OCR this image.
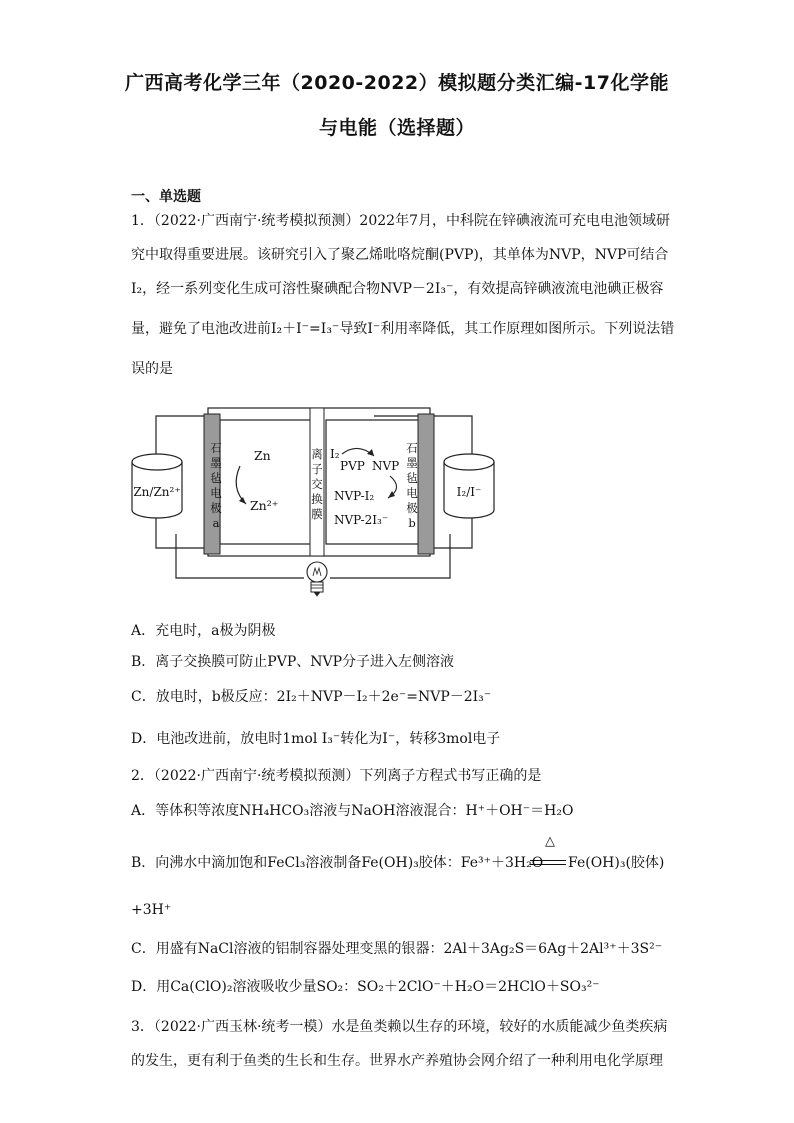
广西高考化学三年（2020-2022）模拟题分类汇编-17化学能
与电能（选择题）
一、单选题
1．（2022·广西南宁·统考模拟预测）2022年7月，中科院在锌碘液流可充电电池领域研
究中取得重要进展。该研究引入了聚乙烯吡咯烷酮(PVP)，其单体为NVP，NVP可结合
I₂，经一系列变化生成可溶性聚碘配合物NVP－2I₃⁻，有效提高锌碘液流电池碘正极容
量，避免了电池改进前I₂＋I⁻=I₃⁻导致I⁻利用率降低，其工作原理如图所示。下列说法错
误的是
Zn/Zn²⁺	I₂/I⁻
石
墨
毡
电
极
a
石
墨
毡
电
极
b
离
子
交
换
膜
Zn
Zn²⁺
I₂
PVP NVP
NVP-I₂
NVP-2I₃⁻
A．充电时，a极为阴极
B．离子交换膜可防止PVP、NVP分子进入左侧溶液
C．放电时，b极反应：2I₂＋NVP－I₂＋2e⁻=NVP－2I₃⁻
D．电池改进前，放电时1mol I₃⁻转化为I⁻，转移3mol电子
2．（2022·广西南宁·统考模拟预测）下列离子方程式书写正确的是
A．等体积等浓度NH₄HCO₃溶液与NaOH溶液混合：H⁺＋OH⁻＝H₂O
B．向沸水中滴加饱和FeCl₃溶液制备Fe(OH)₃胶体：Fe³⁺＋3H₂O
△
Fe(OH)₃(胶体)
+3H⁺
C．用盛有NaCl溶液的铝制容器处理变黑的银器：2Al＋3Ag₂S＝6Ag＋2Al³⁺＋3S²⁻
D．用Ca(ClO)₂溶液吸收少量SO₂：SO₂＋2ClO⁻＋H₂O＝2HClO＋SO₃²⁻
3．（2022·广西玉林·统考一模）水是鱼类赖以生存的环境，较好的水质能减少鱼类疾病
的发生，更有利于鱼类的生长和生存。世界水产养殖协会网介绍了一种利用电化学原理
